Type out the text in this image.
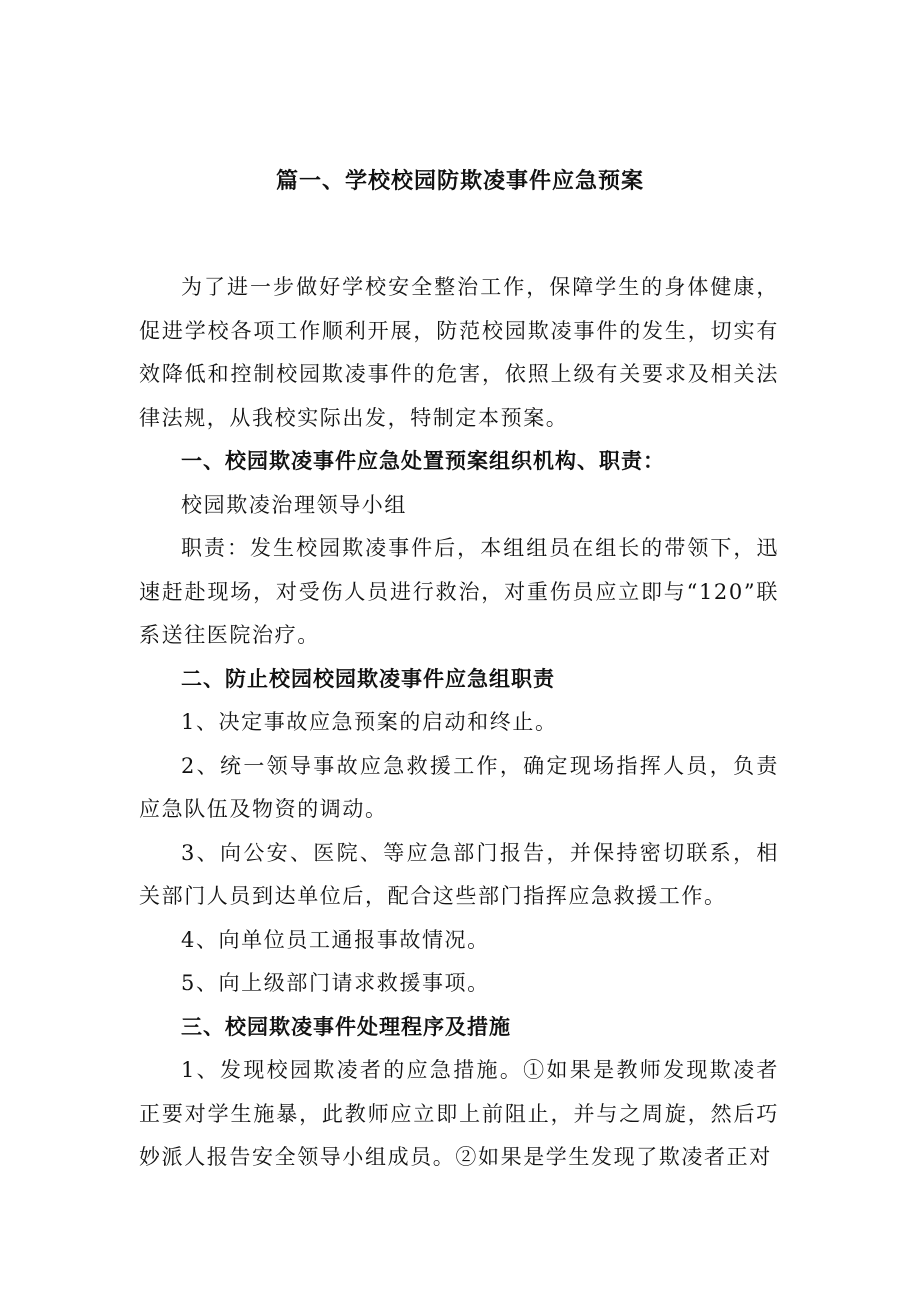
篇一、学校校园防欺凌事件应急预案

为了进一步做好学校安全整治工作，保障学生的身体健康，促进学校各项工作顺利开展，防范校园欺凌事件的发生，切实有效降低和控制校园欺凌事件的危害，依照上级有关要求及相关法律法规，从我校实际出发，特制定本预案。

一、校园欺凌事件应急处置预案组织机构、职责：

校园欺凌治理领导小组

职责：发生校园欺凌事件后，本组组员在组长的带领下，迅速赶赴现场，对受伤人员进行救治，对重伤员应立即与“120”联系送往医院治疗。

二、防止校园校园欺凌事件应急组职责

1、决定事故应急预案的启动和终止。

2、统一领导事故应急救援工作，确定现场指挥人员，负责应急队伍及物资的调动。

3、向公安、医院、等应急部门报告，并保持密切联系，相关部门人员到达单位后，配合这些部门指挥应急救援工作。

4、向单位员工通报事故情况。

5、向上级部门请求救援事项。

三、校园欺凌事件处理程序及措施

1、发现校园欺凌者的应急措施。①如果是教师发现欺凌者正要对学生施暴，此教师应立即上前阻止，并与之周旋，然后巧妙派人报告安全领导小组成员。②如果是学生发现了欺凌者正对
